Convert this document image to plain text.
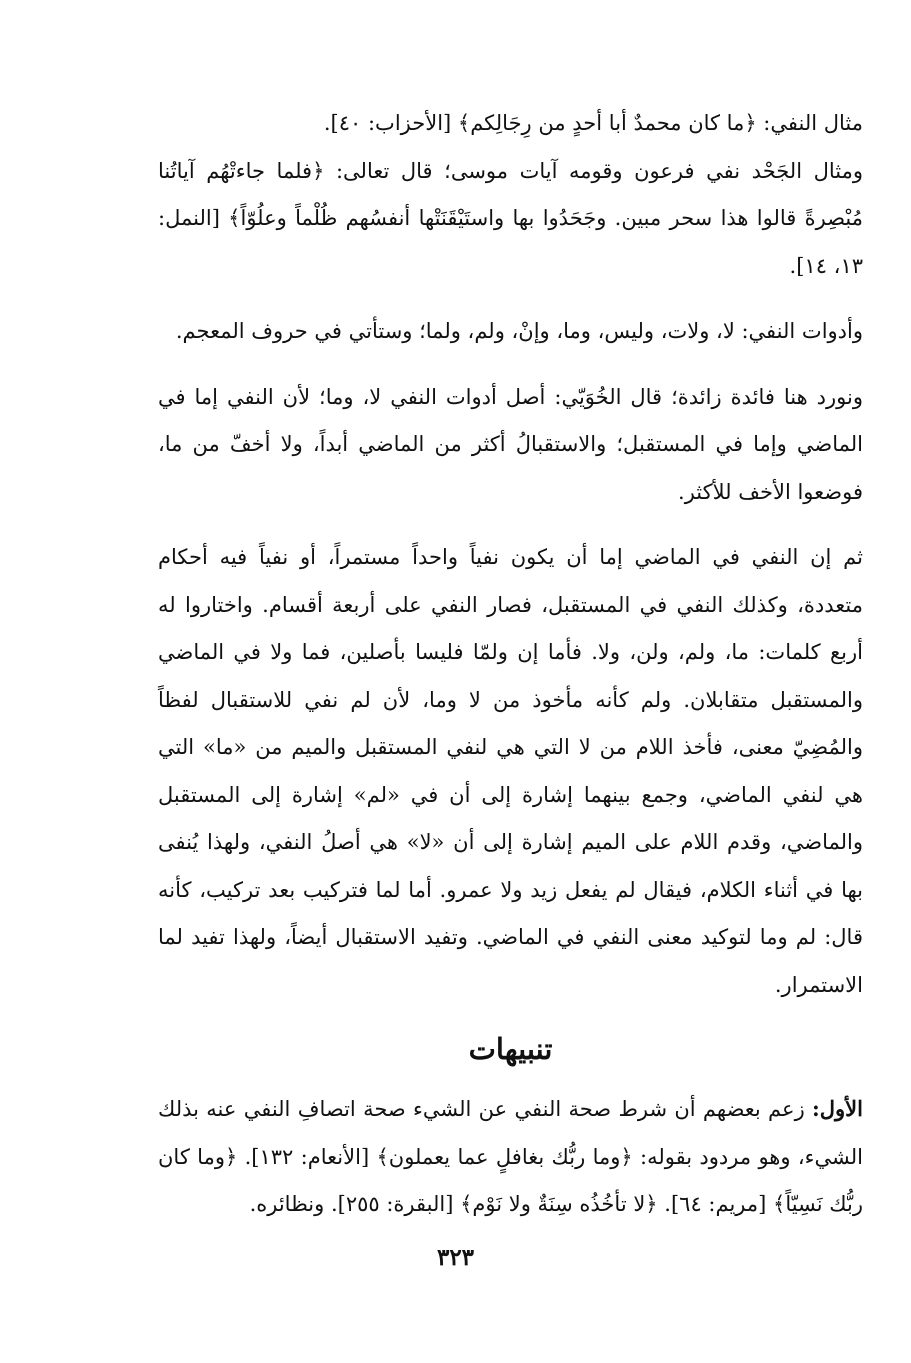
مثال النفي: ﴿ما كان محمدٌ أبا أحدٍ من رِجَالِكم﴾ [الأحزاب: ٤٠].

ومثال الجَحْد نفي فرعون وقومه آيات موسى؛ قال تعالى: ﴿فلما جاءتْهُم آياتُنا مُبْصِرةً قالوا هذا سحر مبين. وجَحَدُوا بها واستَيْقَنَتْها أنفسُهم ظُلْماً وعلُوّاً﴾ [النمل: ١٣، ١٤].

وأدوات النفي: لا، ولات، وليس، وما، وإنْ، ولم، ولما؛ وستأتي في حروف المعجم.

ونورد هنا فائدة زائدة؛ قال الخُوَيّي: أصل أدوات النفي لا، وما؛ لأن النفي إما في الماضي وإما في المستقبل؛ والاستقبالُ أكثر من الماضي أبداً، ولا أخفّ من ما، فوضعوا الأخف للأكثر.

ثم إن النفي في الماضي إما أن يكون نفياً واحداً مستمراً، أو نفياً فيه أحكام متعددة، وكذلك النفي في المستقبل، فصار النفي على أربعة أقسام. واختاروا له أربع كلمات: ما، ولم، ولن، ولا. فأما إن ولمّا فليسا بأصلين، فما ولا في الماضي والمستقبل متقابلان. ولم كأنه مأخوذ من لا وما، لأن لم نفي للاستقبال لفظاً والمُضِيّ معنى، فأخذ اللام من لا التي هي لنفي المستقبل والميم من «ما» التي هي لنفي الماضي، وجمع بينهما إشارة إلى أن في «لم» إشارة إلى المستقبل والماضي، وقدم اللام على الميم إشارة إلى أن «لا» هي أصلُ النفي، ولهذا يُنفى بها في أثناء الكلام، فيقال لم يفعل زيد ولا عمرو. أما لما فتركيب بعد تركيب، كأنه قال: لم وما لتوكيد معنى النفي في الماضي. وتفيد الاستقبال أيضاً، ولهذا تفيد لما الاستمرار.

تنبيهات

الأول: زعم بعضهم أن شرط صحة النفي عن الشيء صحة اتصافِ النفي عنه بذلك الشيء، وهو مردود بقوله: ﴿وما ربُّك بغافلٍ عما يعملون﴾ [الأنعام: ١٣٢]. ﴿وما كان ربُّك نَسِيّاً﴾ [مريم: ٦٤]. ﴿لا تأخُذُه سِنَةٌ ولا نَوْم﴾ [البقرة: ٢٥٥]. ونظائره.

٣٢٣
